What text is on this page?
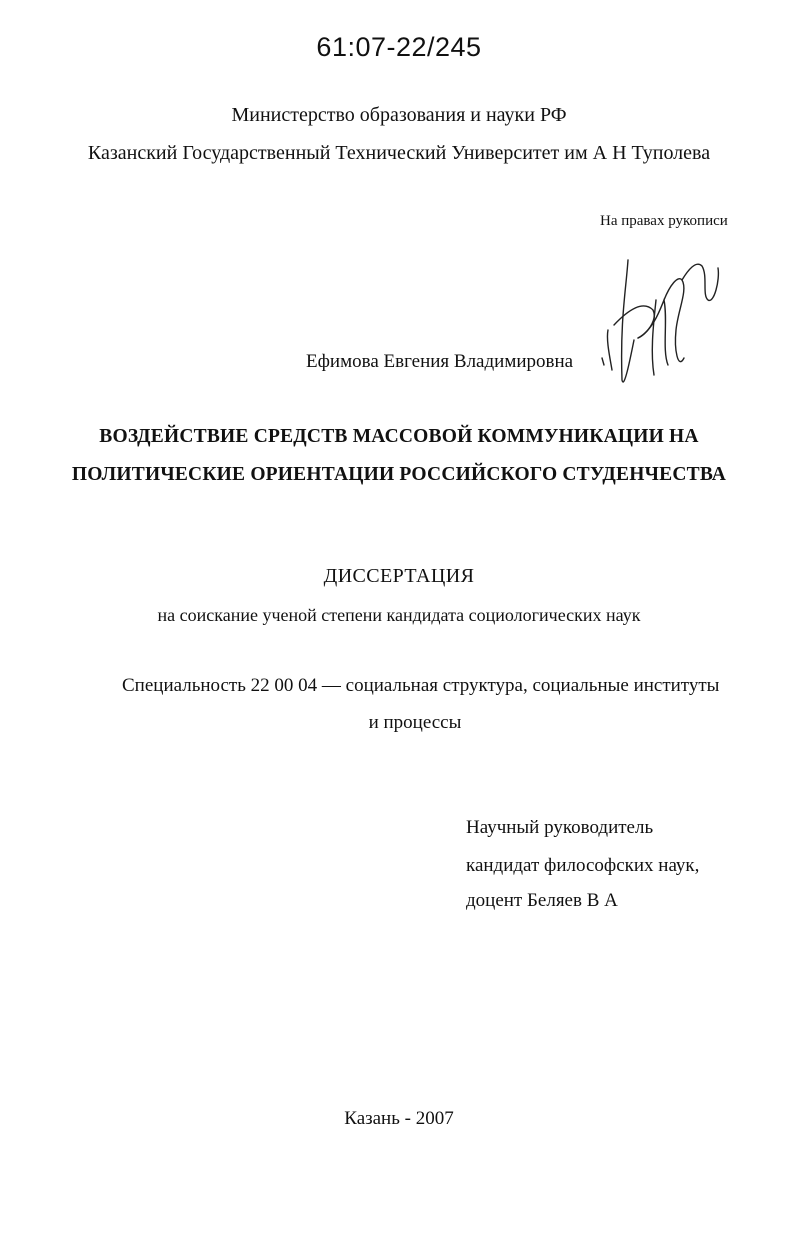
61:07-22/245
Министерство образования и науки РФ
Казанский Государственный Технический Университет им А Н Туполева
На правах рукописи
Ефимова Евгения Владимировна
ВОЗДЕЙСТВИЕ СРЕДСТВ МАССОВОЙ КОММУНИКАЦИИ НА
ПОЛИТИЧЕСКИЕ ОРИЕНТАЦИИ РОССИЙСКОГО СТУДЕНЧЕСТВА
ДИССЕРТАЦИЯ
на соискание ученой степени кандидата социологических наук
Специальность 22 00 04 — социальная структура, социальные институты
и процессы
Научный руководитель
кандидат философских наук,
доцент Беляев В А
Казань - 2007
